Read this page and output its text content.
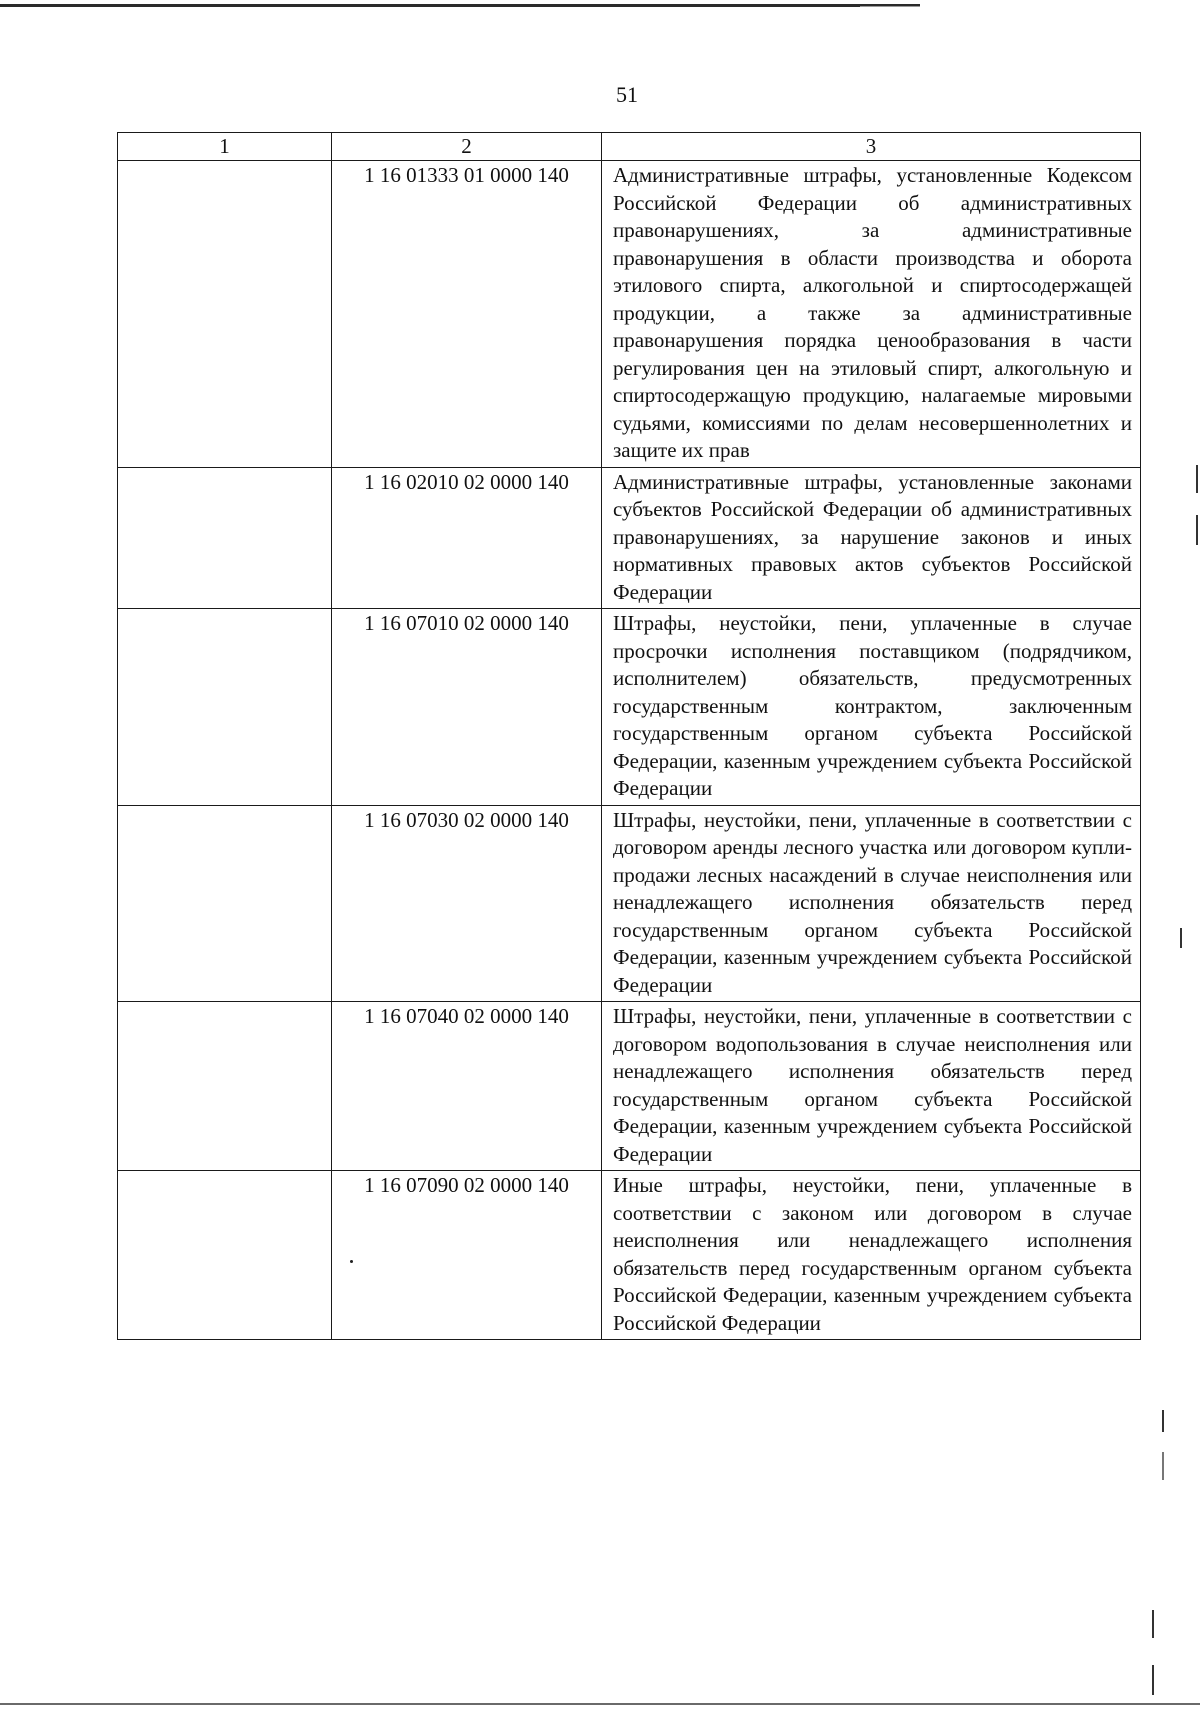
51
1	2	3
	1 16 01333 01 0000 140	Административные штрафы, установленные Кодексом Российской Федерации об административных правонарушениях, за административные правонарушения в области производства и оборота этилового спирта, алкогольной и спиртосодержащей продукции, а также за административные правонарушения порядка ценообразования в части регулирования цен на этиловый спирт, алкогольную и спиртосодержащую продукцию, налагаемые мировыми судьями, комиссиями по делам несовершеннолетних и защите их прав
	1 16 02010 02 0000 140	Административные штрафы, установленные законами субъектов Российской Федерации об административных правонарушениях, за нарушение законов и иных нормативных правовых актов субъектов Российской Федерации
	1 16 07010 02 0000 140	Штрафы, неустойки, пени, уплаченные в случае просрочки исполнения поставщиком (подрядчиком, исполнителем) обязательств, предусмотренных государственным контрактом, заключенным государственным органом субъекта Российской Федерации, казенным учреждением субъекта Российской Федерации
	1 16 07030 02 0000 140	Штрафы, неустойки, пени, уплаченные в соответствии с договором аренды лесного участка или договором купли-продажи лесных насаждений в случае неисполнения или ненадлежащего исполнения обязательств перед государственным органом субъекта Российской Федерации, казенным учреждением субъекта Российской Федерации
	1 16 07040 02 0000 140	Штрафы, неустойки, пени, уплаченные в соответствии с договором водопользования в случае неисполнения или ненадлежащего исполнения обязательств перед государственным органом субъекта Российской Федерации, казенным учреждением субъекта Российской Федерации
	1 16 07090 02 0000 140	Иные штрафы, неустойки, пени, уплаченные в соответствии с законом или договором в случае неисполнения или ненадлежащего исполнения обязательств перед государственным органом субъекта Российской Федерации, казенным учреждением субъекта Российской Федерации
